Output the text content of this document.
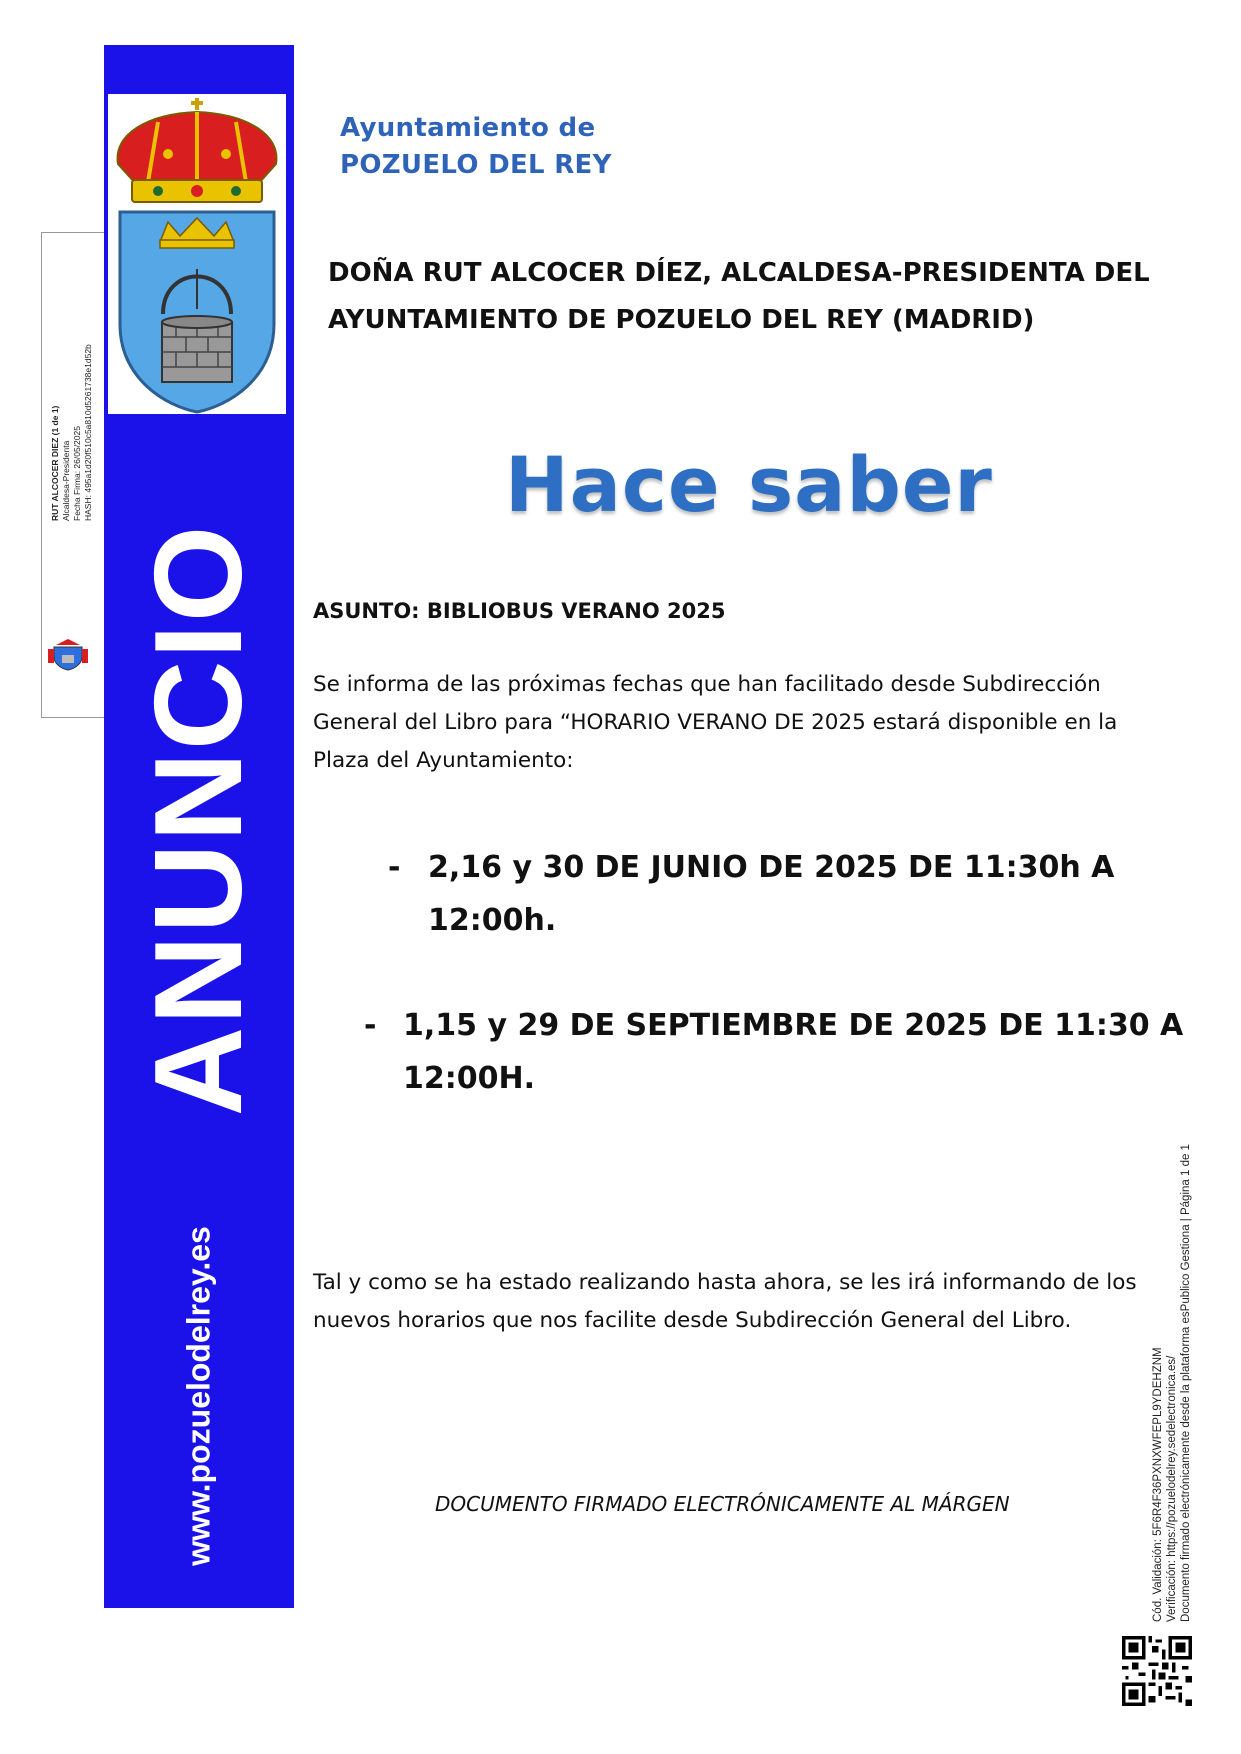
ANUNCIO
www.pozuelodelrey.es
RUT ALCOCER DIEZ (1 de 1) Alcaldesa-Presidenta Fecha Firma: 26/05/2025 HASH: 495a1d20f510c5a810d5261738e1d52b
Ayuntamiento de
POZUELO DEL REY
DOÑA RUT ALCOCER DÍEZ, ALCALDESA-PRESIDENTA DEL
AYUNTAMIENTO DE POZUELO DEL REY (MADRID)
Hace saber
ASUNTO: BIBLIOBUS VERANO 2025
Se informa de las próximas fechas que han facilitado desde Subdirección
General del Libro para “HORARIO VERANO DE 2025 estará disponible en la
Plaza del Ayuntamiento:
- 2,16 y 30 DE JUNIO DE 2025 DE 11:30h A
12:00h.
- 1,15 y 29 DE SEPTIEMBRE DE 2025 DE 11:30 A
12:00H.
Tal y como se ha estado realizando hasta ahora, se les irá informando de los
nuevos horarios que nos facilite desde Subdirección General del Libro.
DOCUMENTO FIRMADO ELECTRÓNICAMENTE AL MÁRGEN	Cód. Validación: 5F6R4F36PXNXWFEPL9YDEHZNM Verificación: https://pozuelodelrey.sedelectronica.es/ Documento firmado electrónicamente desde la plataforma esPublico Gestiona | Página 1 de 1
